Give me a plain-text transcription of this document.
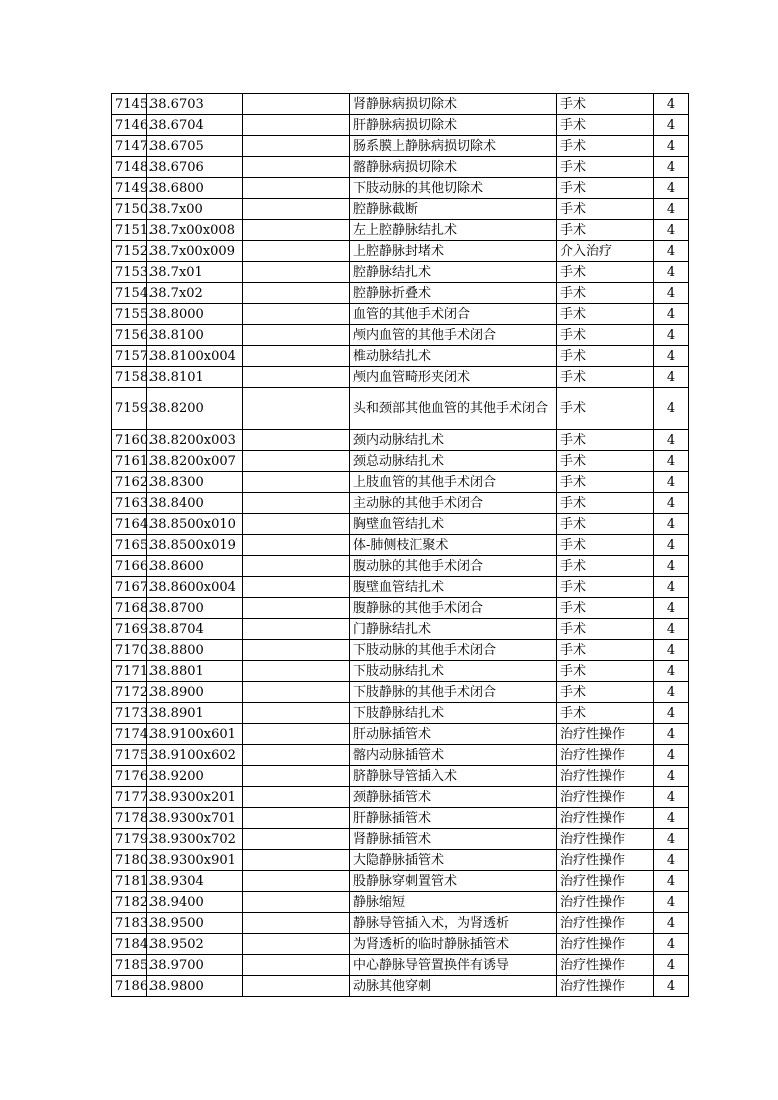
7145.	38.6703		肾静脉病损切除术	手术	4
7146.	38.6704		肝静脉病损切除术	手术	4
7147.	38.6705		肠系膜上静脉病损切除术	手术	4
7148.	38.6706		髂静脉病损切除术	手术	4
7149.	38.6800		下肢动脉的其他切除术	手术	4
7150.	38.7x00		腔静脉截断	手术	4
7151.	38.7x00x008		左上腔静脉结扎术	手术	4
7152.	38.7x00x009		上腔静脉封堵术	介入治疗	4
7153.	38.7x01		腔静脉结扎术	手术	4
7154.	38.7x02		腔静脉折叠术	手术	4
7155.	38.8000		血管的其他手术闭合	手术	4
7156.	38.8100		颅内血管的其他手术闭合	手术	4
7157.	38.8100x004		椎动脉结扎术	手术	4
7158.	38.8101		颅内血管畸形夹闭术	手术	4
7159.	38.8200		头和颈部其他血管的其他手术闭合	手术	4
7160.	38.8200x003		颈内动脉结扎术	手术	4
7161.	38.8200x007		颈总动脉结扎术	手术	4
7162.	38.8300		上肢血管的其他手术闭合	手术	4
7163.	38.8400		主动脉的其他手术闭合	手术	4
7164.	38.8500x010		胸壁血管结扎术	手术	4
7165.	38.8500x019		体-肺侧枝汇聚术	手术	4
7166.	38.8600		腹动脉的其他手术闭合	手术	4
7167.	38.8600x004		腹壁血管结扎术	手术	4
7168.	38.8700		腹静脉的其他手术闭合	手术	4
7169.	38.8704		门静脉结扎术	手术	4
7170.	38.8800		下肢动脉的其他手术闭合	手术	4
7171.	38.8801		下肢动脉结扎术	手术	4
7172.	38.8900		下肢静脉的其他手术闭合	手术	4
7173.	38.8901		下肢静脉结扎术	手术	4
7174.	38.9100x601		肝动脉插管术	治疗性操作	4
7175.	38.9100x602		髂内动脉插管术	治疗性操作	4
7176.	38.9200		脐静脉导管插入术	治疗性操作	4
7177.	38.9300x201		颈静脉插管术	治疗性操作	4
7178.	38.9300x701		肝静脉插管术	治疗性操作	4
7179.	38.9300x702		肾静脉插管术	治疗性操作	4
7180.	38.9300x901		大隐静脉插管术	治疗性操作	4
7181.	38.9304		股静脉穿刺置管术	治疗性操作	4
7182.	38.9400		静脉缩短	治疗性操作	4
7183.	38.9500		静脉导管插入术，为肾透析	治疗性操作	4
7184.	38.9502		为肾透析的临时静脉插管术	治疗性操作	4
7185.	38.9700		中心静脉导管置换伴有诱导	治疗性操作	4
7186.	38.9800		动脉其他穿刺	治疗性操作	4
